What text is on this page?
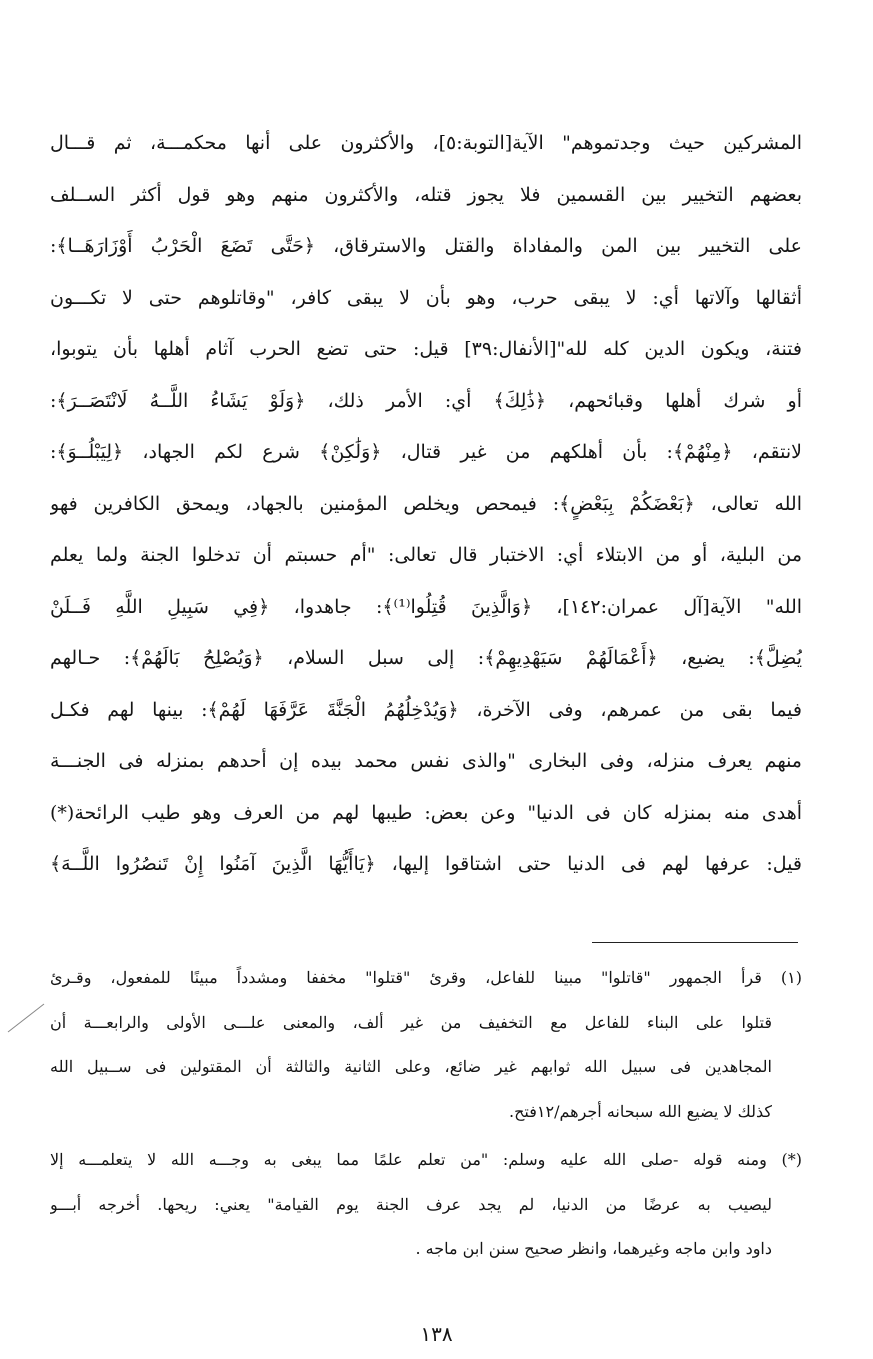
المشركين حيث وجدتموهم" الآية[التوبة:٥]، والأكثرون على أنها محكمـــة، ثم قـــال
بعضهم التخيير بين القسمين فلا يجوز قتله، والأكثرون منهم وهو قول أكثر الســلف
على التخيير بين المن والمفاداة والقتل والاسترقاق، ﴿حَتَّى تَضَعَ الْحَرْبُ أَوْزَارَهَــا﴾:
أثقالها وآلاتها أي: لا يبقى حرب، وهو بأن لا يبقى كافر، "وقاتلوهم حتى لا تكـــون
فتنة، ويكون الدين كله لله"[الأنفال:٣٩] قيل: حتى تضع الحرب آثام أهلها بأن يتوبوا،
أو شرك أهلها وقبائحهم، ﴿ذَٰلِكَ﴾ أي: الأمر ذلك، ﴿وَلَوْ يَشَاءُ اللَّــهُ لَانْتَصَــرَ﴾:
لانتقم، ﴿مِنْهُمْ﴾: بأن أهلكهم من غير قتال، ﴿وَلَٰكِنْ﴾ شرع لكم الجهاد، ﴿لِيَبْلُــوَ﴾:
الله تعالى، ﴿بَعْضَكُمْ بِبَعْضٍ﴾: فيمحص ويخلص المؤمنين بالجهاد، ويمحق الكافرين فهو
من البلية، أو من الابتلاء أي: الاختبار قال تعالى: "أم حسبتم أن تدخلوا الجنة ولما يعلم
الله" الآية[آل عمران:١٤٢]، ﴿وَالَّذِينَ قُتِلُوا⁽¹⁾﴾: جاهدوا، ﴿فِي سَبِيلِ اللَّهِ فَــلَنْ
يُضِلَّ﴾: يضيع، ﴿أَعْمَالَهُمْ سَيَهْدِيهِمْ﴾: إلى سبل السلام، ﴿وَيُصْلِحُ بَالَهُمْ﴾: حـالهم
فيما بقى من عمرهم، وفى الآخرة، ﴿وَيُدْخِلُهُمُ الْجَنَّةَ عَرَّفَهَا لَهُمْ﴾: بينها لهم فكـل
منهم يعرف منزله، وفى البخارى "والذى نفس محمد بيده إن أحدهم بمنزله فى الجنـــة
أهدى منه بمنزله كان فى الدنيا" وعن بعض: طيبها لهم من العرف وهو طيب الرائحة(*)
قيل: عرفها لهم فى الدنيا حتى اشتاقوا إليها، ﴿يَاأَيُّهَا الَّذِينَ آمَنُوا إِنْ تَنصُرُوا اللَّــهَ﴾
(١) قرأ الجمهور "قاتلوا" مبينا للفاعل، وقرئ "قتلوا" مخففا ومشدداً مبينًا للمفعول، وقـرئ
قتلوا على البناء للفاعل مع التخفيف من غير ألف، والمعنى علـــى الأولى والرابعـــة أن
المجاهدين فى سبيل الله ثوابهم غير ضائع، وعلى الثانية والثالثة أن المقتولين فى ســبيل الله
كذلك لا يضيع الله سبحانه أجرهم/١٢فتح.
(*) ومنه قوله -صلى الله عليه وسلم: "من تعلم علمًا مما يبغى به وجـــه الله لا يتعلمـــه إلا
ليصيب به عرضًا من الدنيا، لم يجد عرف الجنة يوم القيامة" يعني: ريحها. أخرجه أبـــو
داود وابن ماجه وغيرهما، وانظر صحيح سنن ابن ماجه .
١٣٨
